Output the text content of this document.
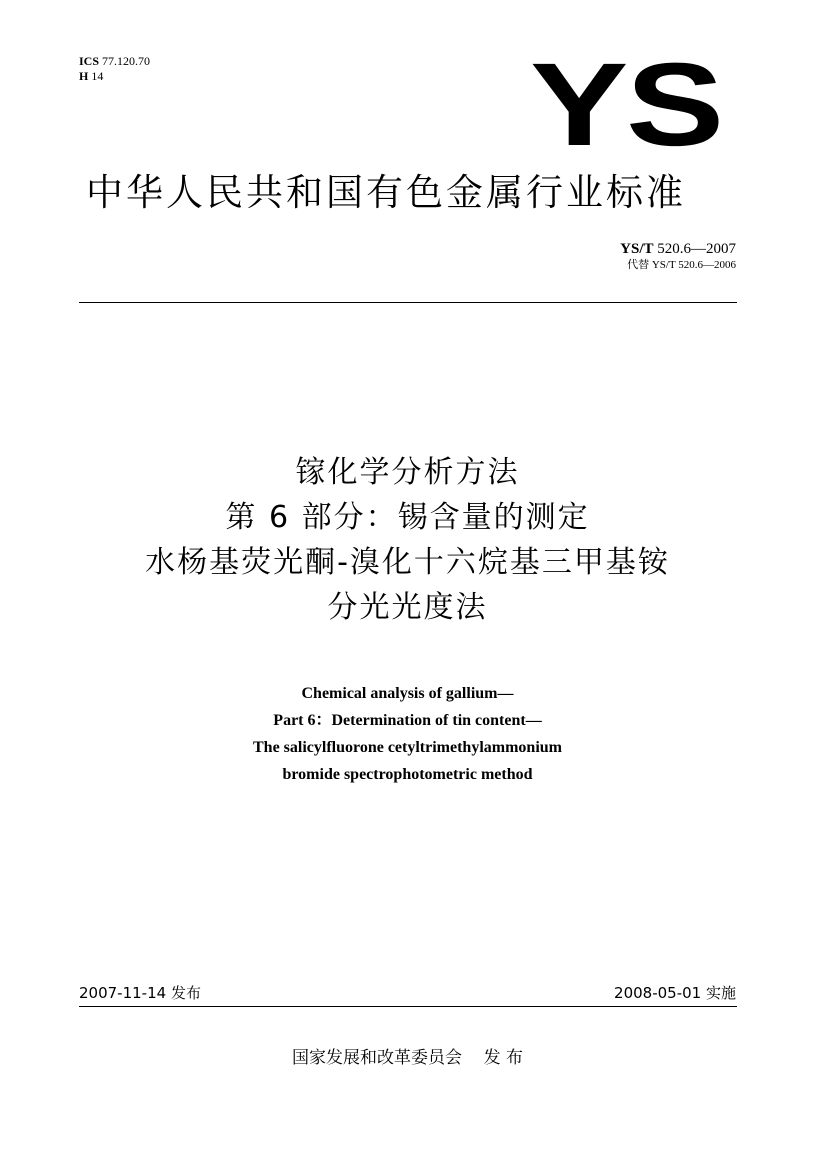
ICS 77.120.70
H 14	YS
中华人民共和国有色金属行业标准
YS/T 520.6—2007
代替 YS/T 520.6—2006
镓化学分析方法
第 6 部分：锡含量的测定
水杨基荧光酮-溴化十六烷基三甲基铵
分光光度法
Chemical analysis of gallium—
Part 6：Determination of tin content—
The salicylfluorone cetyltrimethylammonium
bromide spectrophotometric method
2007-11-14 发布	2008-05-01 实施
国家发展和改革委员会    发 布
